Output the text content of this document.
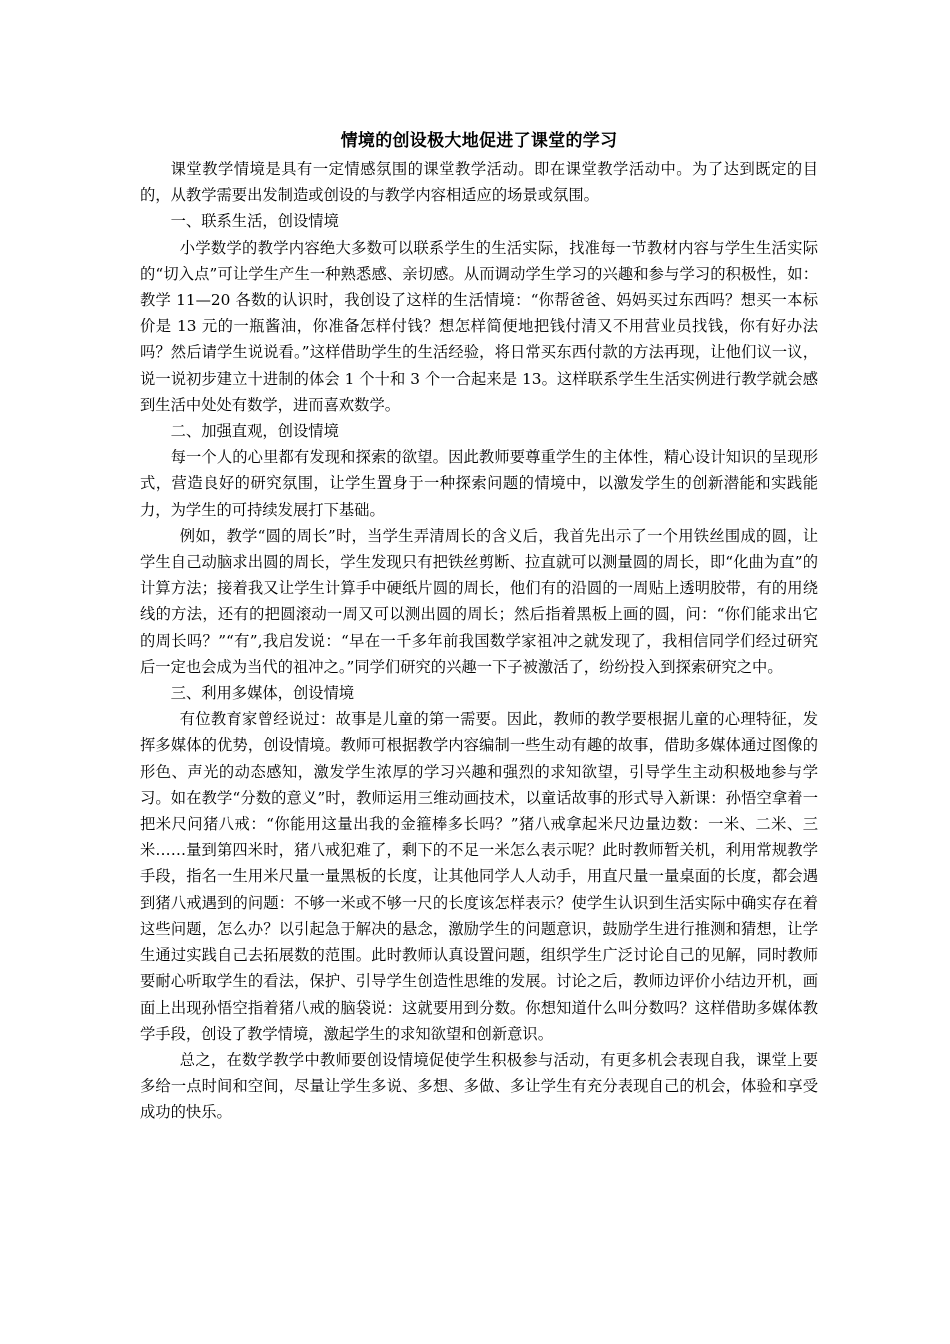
情境的创设极大地促进了课堂的学习

课堂教学情境是具有一定情感氛围的课堂教学活动。即在课堂教学活动中。为了达到既定的目的，从教学需要出发制造或创设的与教学内容相适应的场景或氛围。

一、联系生活，创设情境

小学数学的教学内容绝大多数可以联系学生的生活实际，找准每一节教材内容与学生生活实际的“切入点”可让学生产生一种熟悉感、亲切感。从而调动学生学习的兴趣和参与学习的积极性，如：教学 11—20 各数的认识时，我创设了这样的生活情境：“你帮爸爸、妈妈买过东西吗？想买一本标价是 13 元的一瓶酱油，你准备怎样付钱？想怎样简便地把钱付清又不用营业员找钱，你有好办法吗？然后请学生说说看。”这样借助学生的生活经验，将日常买东西付款的方法再现，让他们议一议，说一说初步建立十进制的体会 1 个十和 3 个一合起来是 13。这样联系学生生活实例进行教学就会感到生活中处处有数学，进而喜欢数学。

二、加强直观，创设情境

每一个人的心里都有发现和探索的欲望。因此教师要尊重学生的主体性，精心设计知识的呈现形式，营造良好的研究氛围，让学生置身于一种探索问题的情境中，以激发学生的创新潜能和实践能力，为学生的可持续发展打下基础。

例如，教学“圆的周长”时，当学生弄清周长的含义后，我首先出示了一个用铁丝围成的圆，让学生自己动脑求出圆的周长，学生发现只有把铁丝剪断、拉直就可以测量圆的周长，即“化曲为直”的计算方法；接着我又让学生计算手中硬纸片圆的周长，他们有的沿圆的一周贴上透明胶带，有的用绕线的方法，还有的把圆滚动一周又可以测出圆的周长；然后指着黑板上画的圆，问：“你们能求出它的周长吗？”“有”,我启发说：“早在一千多年前我国数学家祖冲之就发现了，我相信同学们经过研究后一定也会成为当代的祖冲之。”同学们研究的兴趣一下子被激活了，纷纷投入到探索研究之中。

三、利用多媒体，创设情境

有位教育家曾经说过：故事是儿童的第一需要。因此，教师的教学要根据儿童的心理特征，发挥多媒体的优势，创设情境。教师可根据教学内容编制一些生动有趣的故事，借助多媒体通过图像的形色、声光的动态感知，激发学生浓厚的学习兴趣和强烈的求知欲望，引导学生主动积极地参与学习。如在教学“分数的意义”时，教师运用三维动画技术，以童话故事的形式导入新课：孙悟空拿着一把米尺问猪八戒：“你能用这量出我的金箍棒多长吗？”猪八戒拿起米尺边量边数：一米、二米、三米……量到第四米时，猪八戒犯难了，剩下的不足一米怎么表示呢？此时教师暂关机，利用常规教学手段，指名一生用米尺量一量黑板的长度，让其他同学人人动手，用直尺量一量桌面的长度，都会遇到猪八戒遇到的问题：不够一米或不够一尺的长度该怎样表示？使学生认识到生活实际中确实存在着这些问题，怎么办？以引起急于解决的悬念，激励学生的问题意识，鼓励学生进行推测和猜想，让学生通过实践自己去拓展数的范围。此时教师认真设置问题，组织学生广泛讨论自己的见解，同时教师要耐心听取学生的看法，保护、引导学生创造性思维的发展。讨论之后，教师边评价小结边开机，画面上出现孙悟空指着猪八戒的脑袋说：这就要用到分数。你想知道什么叫分数吗？这样借助多媒体教学手段，创设了教学情境，激起学生的求知欲望和创新意识。

总之，在数学教学中教师要创设情境促使学生积极参与活动，有更多机会表现自我，课堂上要多给一点时间和空间，尽量让学生多说、多想、多做、多让学生有充分表现自己的机会，体验和享受成功的快乐。
